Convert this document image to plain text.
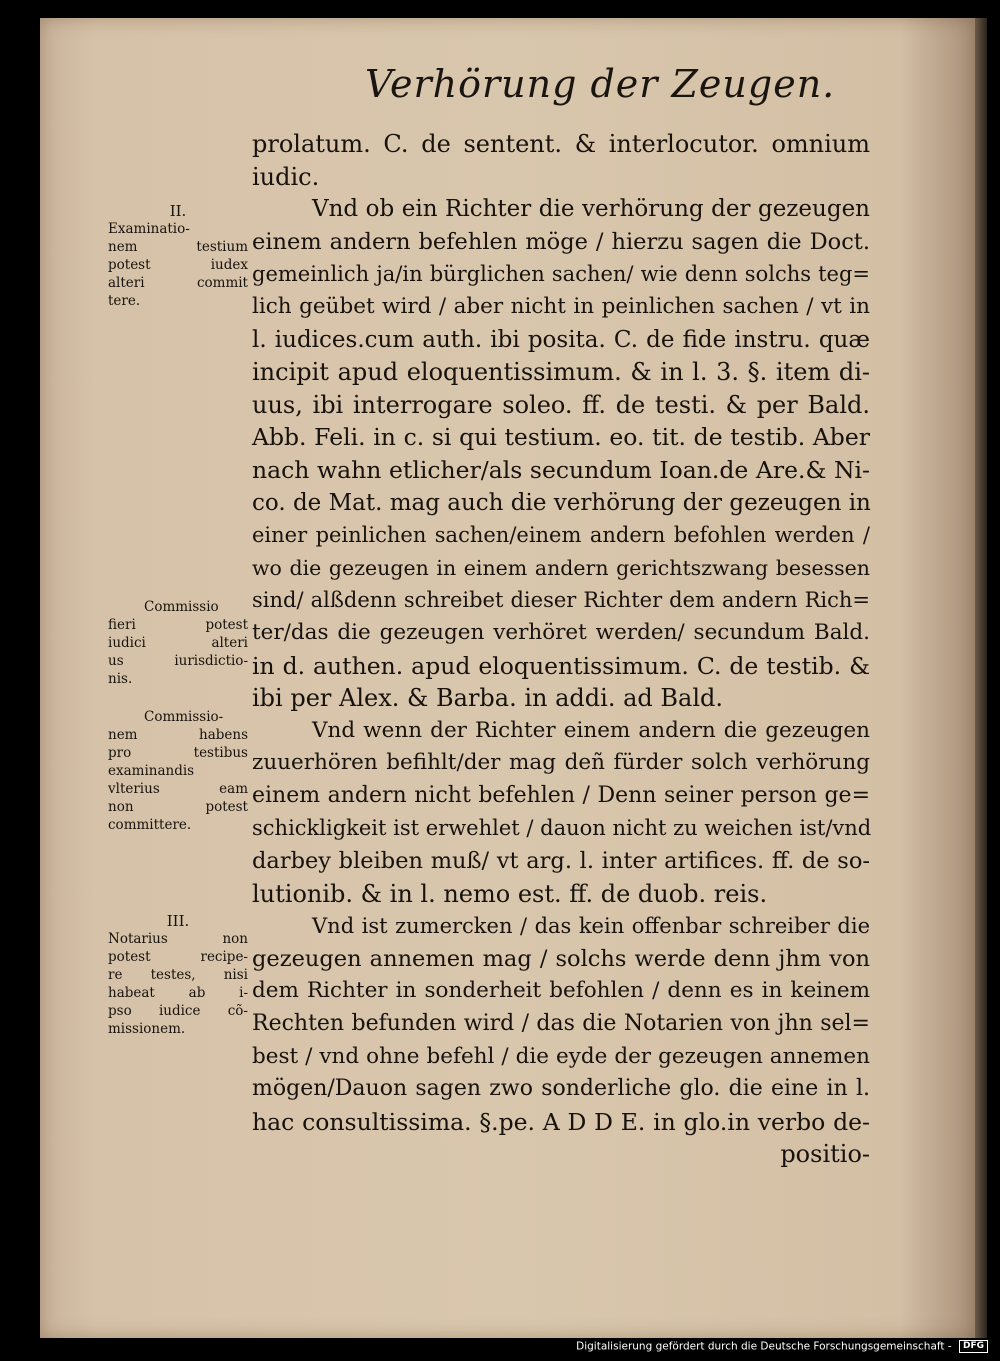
Verhörung der Zeugen.
prolatum. C. de sentent. & interlocutor. omnium
iudic.
Vnd ob ein Richter die verhörung der gezeugen
einem andern befehlen möge / hierzu sagen die Doct.
gemeinlich ja/in bürglichen sachen/ wie denn solchs teg=
lich geübet wird / aber nicht in peinlichen sachen / vt in
l. iudices.cum auth. ibi posita. C. de fide instru. quæ
incipit apud eloquentissimum. & in l. 3. §. item di-
uus, ibi interrogare soleo. ff. de testi. & per Bald.
Abb. Feli. in c. si qui testium. eo. tit. de testib. Aber
nach wahn etlicher/als secundum Ioan.de Are.& Ni-
co. de Mat. mag auch die verhörung der gezeugen in
einer peinlichen sachen/einem andern befohlen werden /
wo die gezeugen in einem andern gerichtszwang besessen
sind/ alßdenn schreibet dieser Richter dem andern Rich=
ter/das die gezeugen verhöret werden/ secundum Bald.
in d. authen. apud eloquentissimum. C. de testib. &
ibi per Alex. & Barba. in addi. ad Bald.
Vnd wenn der Richter einem andern die gezeugen
zuuerhören befihlt/der mag deñ fürder solch verhörung
einem andern nicht befehlen / Denn seiner person ge=
schickligkeit ist erwehlet / dauon nicht zu weichen ist/vnd
darbey bleiben muß/ vt arg. l. inter artifices. ff. de so-
lutionib. & in l. nemo est. ff. de duob. reis.
Vnd ist zumercken / das kein offenbar schreiber die
gezeugen annemen mag / solchs werde denn jhm von
dem Richter in sonderheit befohlen / denn es in keinem
Rechten befunden wird / das die Notarien von jhn sel=
best / vnd ohne befehl / die eyde der gezeugen annemen
mögen/Dauon sagen zwo sonderliche glo. die eine in l.
hac consultissima. §.pe. A D D E. in glo.in verbo de-
positio-
II.
Examinatio-
nem testium
potest iudex
alteri commit
tere.
Commissio
fieri potest
iudici alteri
us iurisdictio-
nis.
Commissio-
nem habens
pro testibus
examinandis
vlterius eam
non potest
committere.
III.
Notarius non
potest recipe-
re testes, nisi
habeat ab i-
pso iudice cõ-
missionem.
Digitalisierung gefördert durch die Deutsche Forschungsgemeinschaft - DFG
